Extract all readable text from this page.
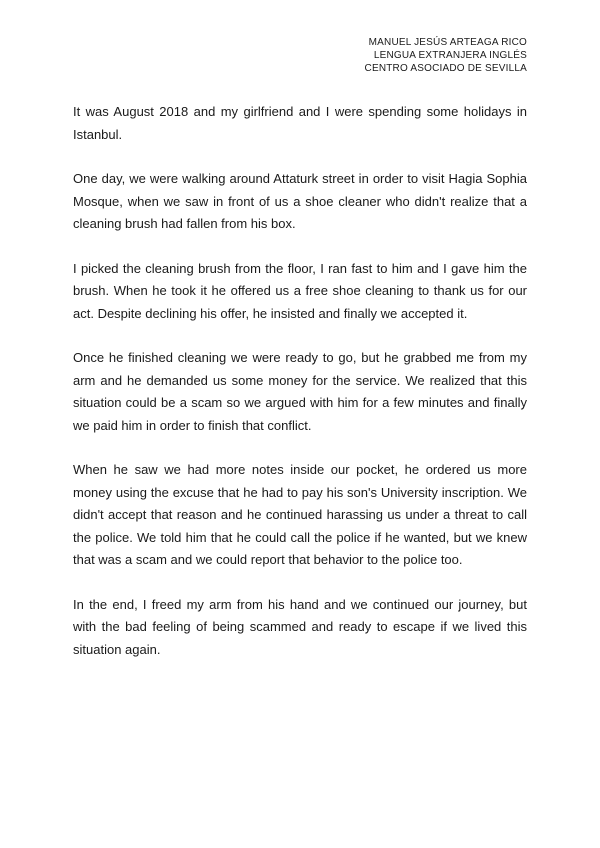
MANUEL JESÚS ARTEAGA RICO
LENGUA EXTRANJERA INGLÉS
CENTRO ASOCIADO DE SEVILLA

It was August 2018 and my girlfriend and I were spending some holidays in Istanbul.

One day, we were walking around Attaturk street in order to visit Hagia Sophia Mosque, when we saw in front of us a shoe cleaner who didn't realize that a cleaning brush had fallen from his box.

I picked the cleaning brush from the floor, I ran fast to him and I gave him the brush. When he took it he offered us a free shoe cleaning to thank us for our act. Despite declining his offer, he insisted and finally we accepted it.

Once he finished cleaning we were ready to go, but he grabbed me from my arm and he demanded us some money for the service. We realized that this situation could be a scam so we argued with him for a few minutes and finally we paid him in order to finish that conflict.

When he saw we had more notes inside our pocket, he ordered us more money using the excuse that he had to pay his son's University inscription. We didn't accept that reason and he continued harassing us under a threat to call the police. We told him that he could call the police if he wanted, but we knew that was a scam and we could report that behavior to the police too.

In the end, I freed my arm from his hand and we continued our journey, but with the bad feeling of being scammed and ready to escape if we lived this situation again.
